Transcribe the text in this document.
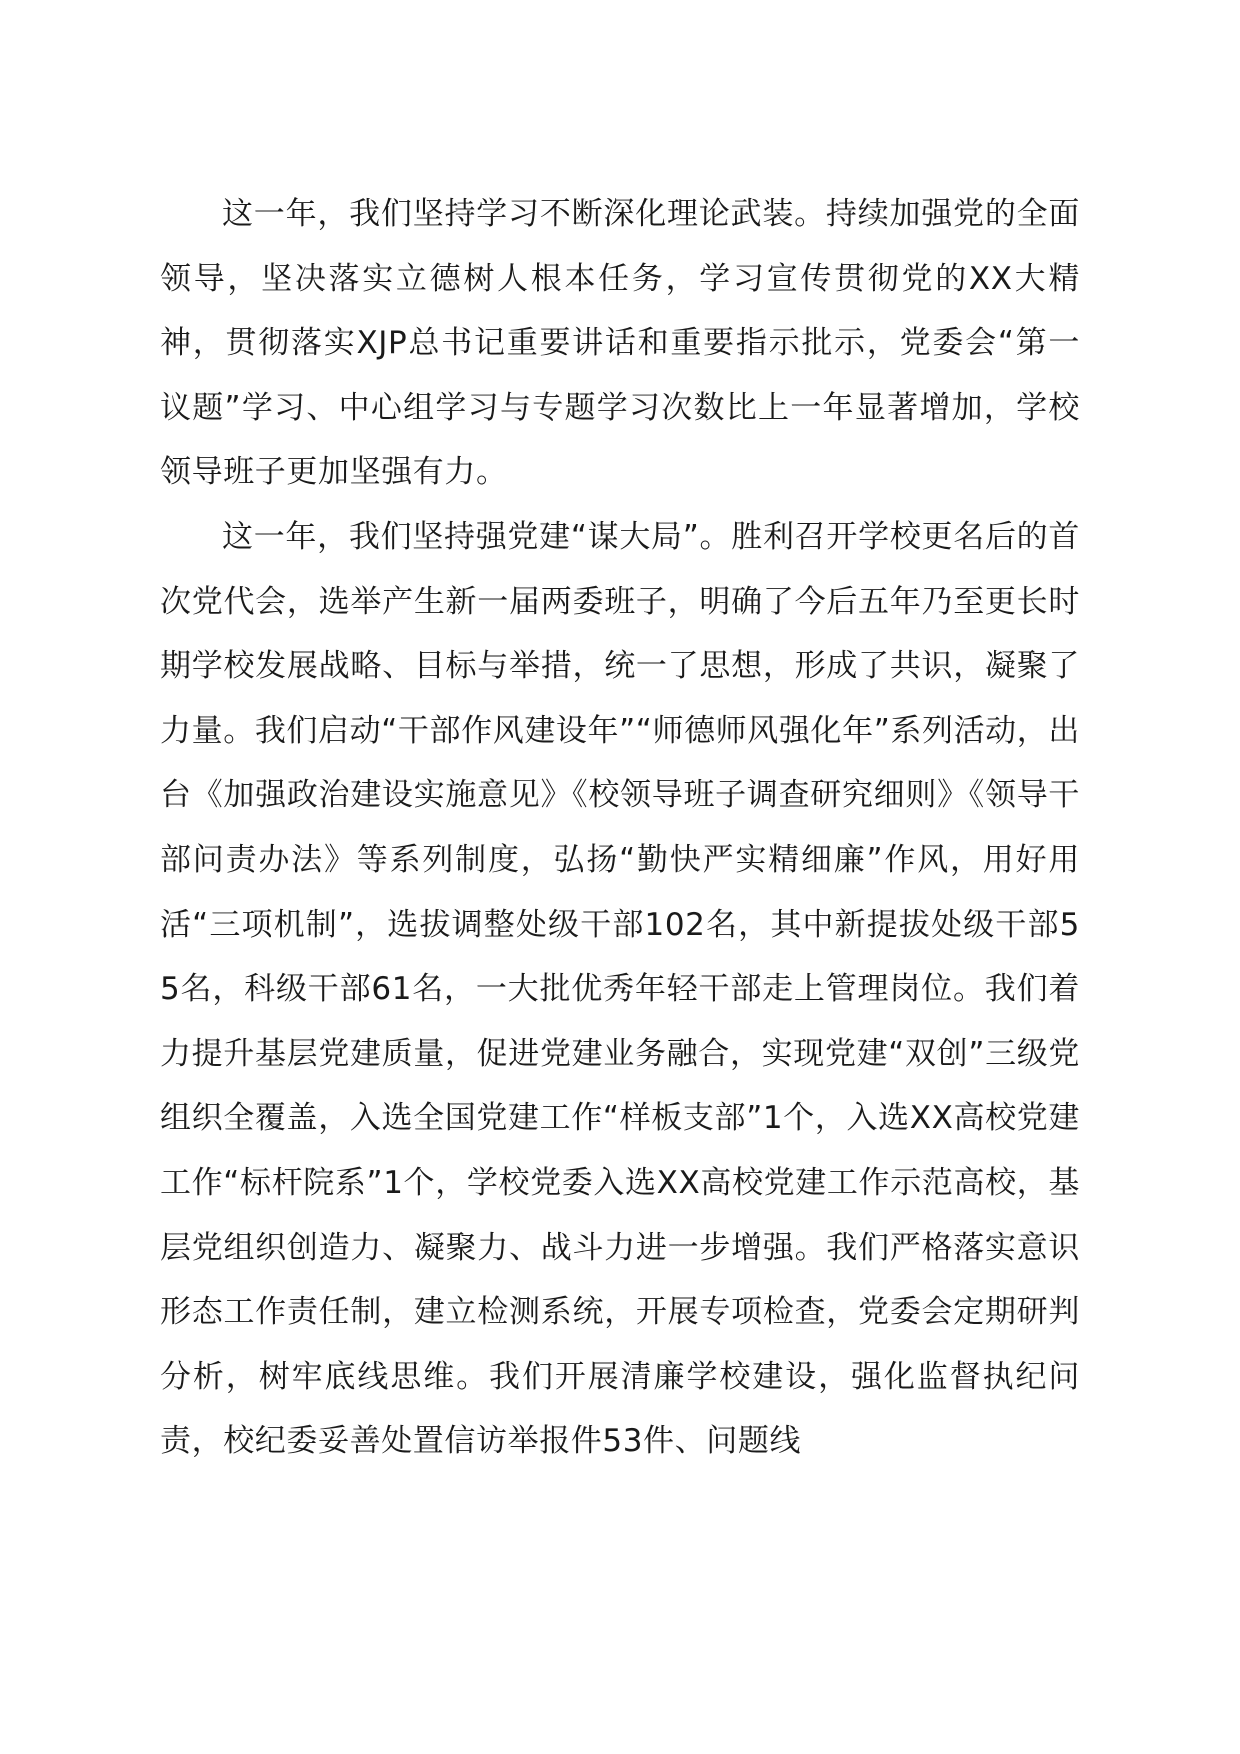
这一年，我们坚持学习不断深化理论武装。持续加强党的全面领导，坚决落实立德树人根本任务，学习宣传贯彻党的XX大精神，贯彻落实XJP总书记重要讲话和重要指示批示，党委会“第一议题”学习、中心组学习与专题学习次数比上一年显著增加，学校领导班子更加坚强有力。

这一年，我们坚持强党建“谋大局”。胜利召开学校更名后的首次党代会，选举产生新一届两委班子，明确了今后五年乃至更长时期学校发展战略、目标与举措，统一了思想，形成了共识，凝聚了力量。我们启动“干部作风建设年”“师德师风强化年”系列活动，出台《加强政治建设实施意见》《校领导班子调查研究细则》《领导干部问责办法》等系列制度，弘扬“勤快严实精细廉”作风，用好用活“三项机制”，选拔调整处级干部102名，其中新提拔处级干部55名，科级干部61名，一大批优秀年轻干部走上管理岗位。我们着力提升基层党建质量，促进党建业务融合，实现党建“双创”三级党组织全覆盖，入选全国党建工作“样板支部”1个，入选XX高校党建工作“标杆院系”1个，学校党委入选XX高校党建工作示范高校，基层党组织创造力、凝聚力、战斗力进一步增强。我们严格落实意识形态工作责任制，建立检测系统，开展专项检查，党委会定期研判分析，树牢底线思维。我们开展清廉学校建设，强化监督执纪问责，校纪委妥善处置信访举报件53件、问题线
